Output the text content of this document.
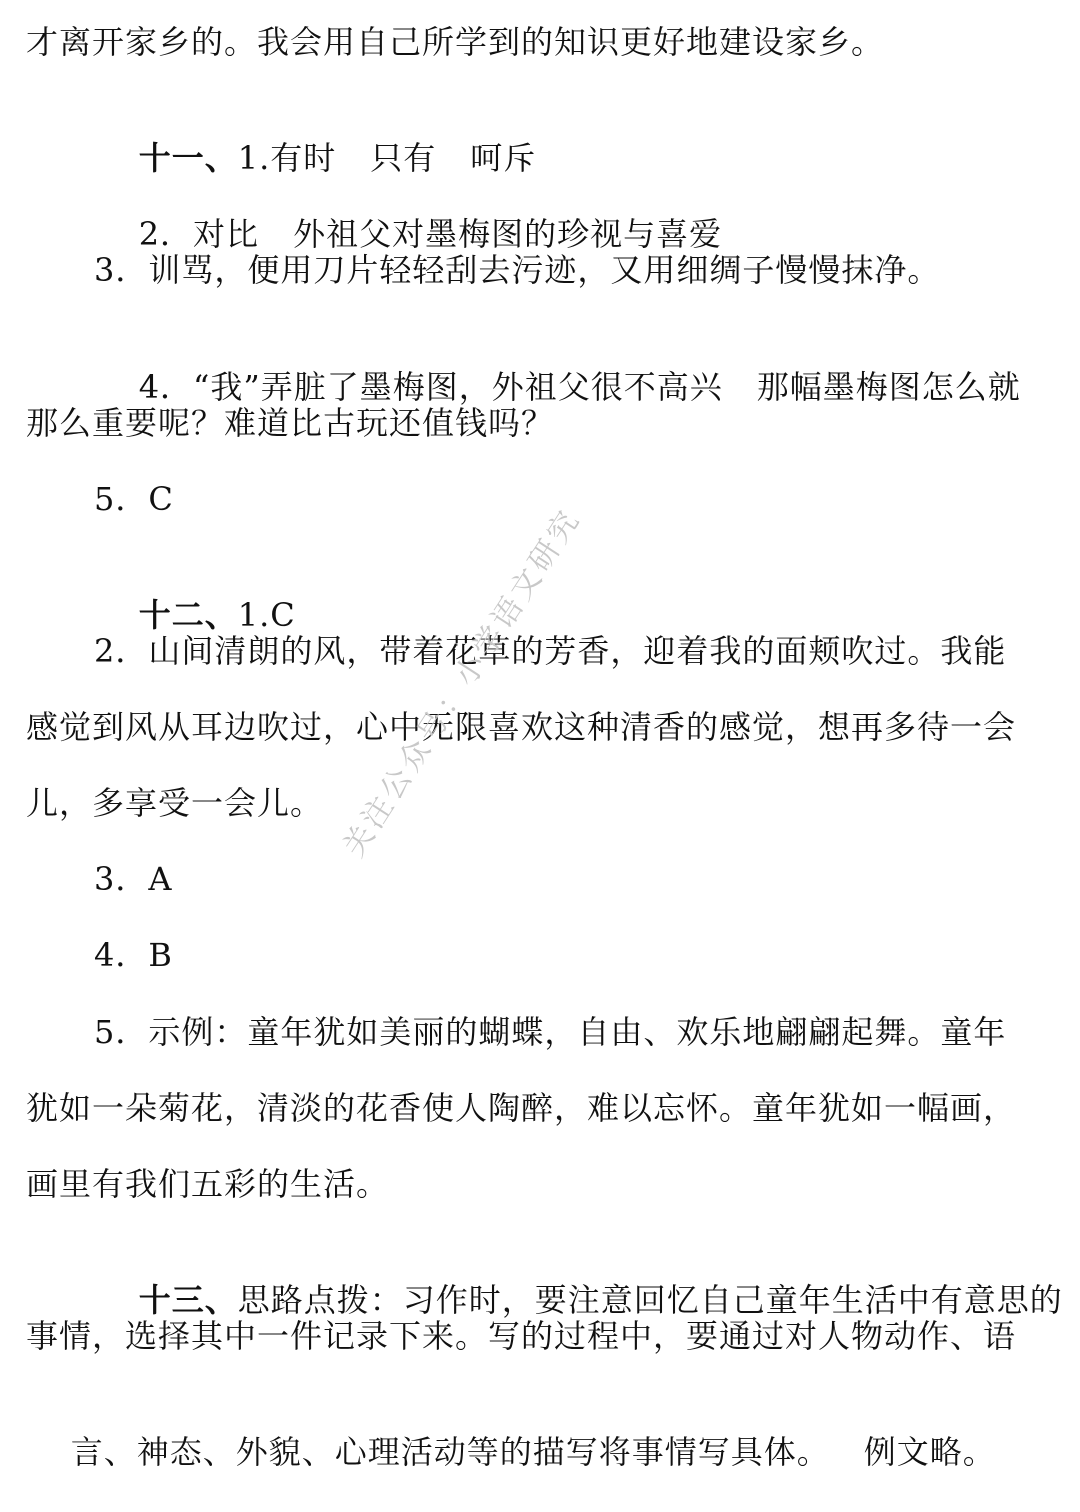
才离开家乡的。我会用自己所学到的知识更好地建设家乡。

十一、1.有时 只有 呵斥

2．对比 外祖父对墨梅图的珍视与喜爱

3．训骂，便用刀片轻轻刮去污迹，又用细绸子慢慢抹净。

4．“我”弄脏了墨梅图，外祖父很不高兴 那幅墨梅图怎么就

那么重要呢？难道比古玩还值钱吗？
5．C

十二、1.C

2．山间清朗的风，带着花草的芳香，迎着我的面颊吹过。我能
感觉到风从耳边吹过，心中无限喜欢这种清香的感觉，想再多待一会
儿，多享受一会儿。
3．A
4．B
5．示例：童年犹如美丽的蝴蝶，自由、欢乐地翩翩起舞。童年
犹如一朵菊花，清淡的花香使人陶醉，难以忘怀。童年犹如一幅画，
画里有我们五彩的生活。

十三、思路点拨：习作时，要注意回忆自己童年生活中有意思的

事情，选择其中一件记录下来。写的过程中，要通过对人物动作、语

言、神态、外貌、心理活动等的描写将事情写具体。 例文略。

关注公众号：小学语文研究
